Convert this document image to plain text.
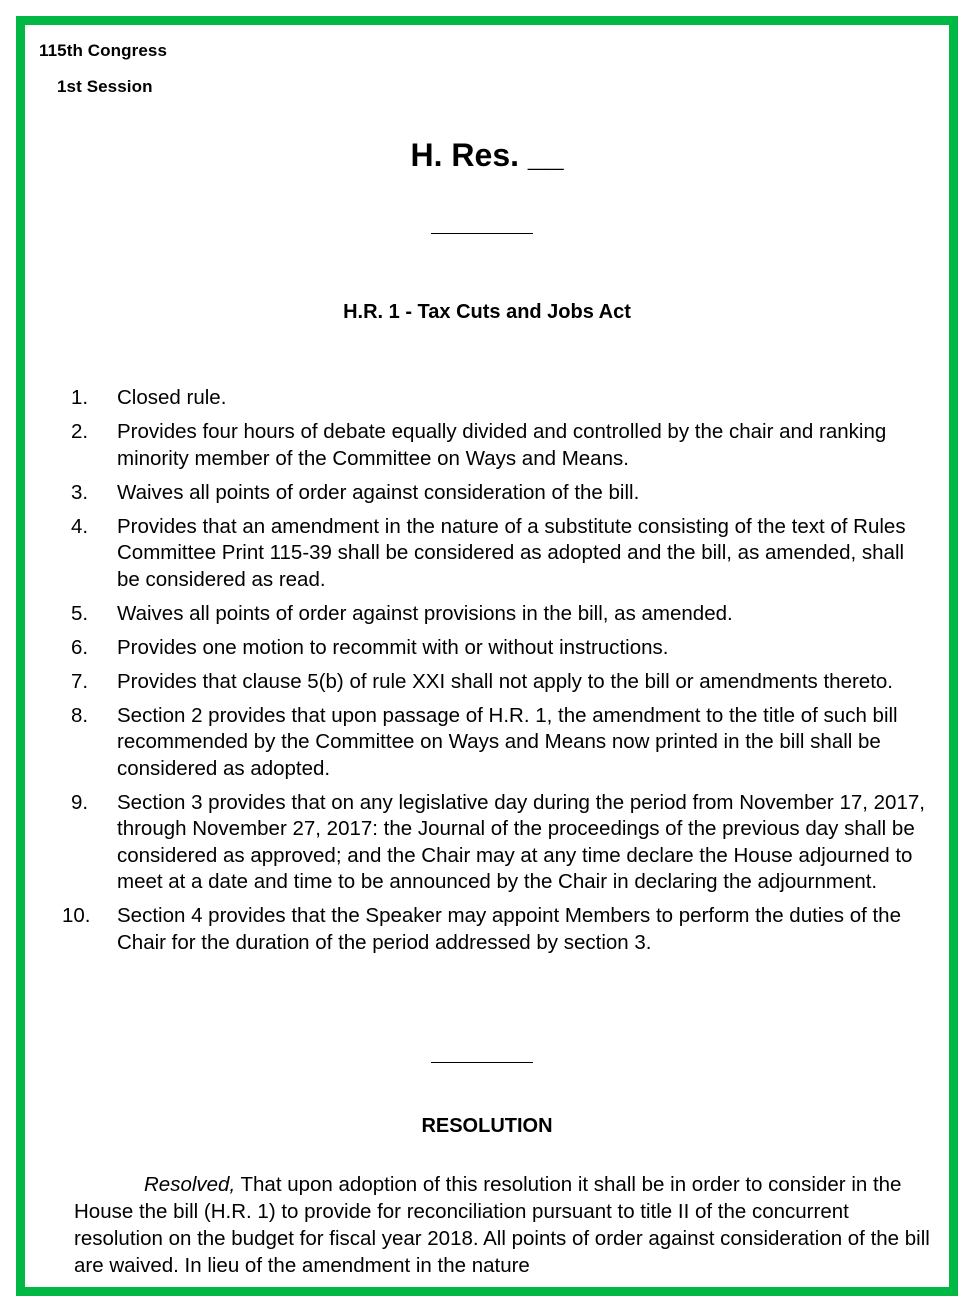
115th Congress
1st Session
H. Res. __
H.R. 1 - Tax Cuts and Jobs Act
1. Closed rule.
2. Provides four hours of debate equally divided and controlled by the chair and ranking minority member of the Committee on Ways and Means.
3. Waives all points of order against consideration of the bill.
4. Provides that an amendment in the nature of a substitute consisting of the text of Rules Committee Print 115-39 shall be considered as adopted and the bill, as amended, shall be considered as read.
5. Waives all points of order against provisions in the bill, as amended.
6. Provides one motion to recommit with or without instructions.
7. Provides that clause 5(b) of rule XXI shall not apply to the bill or amendments thereto.
8. Section 2 provides that upon passage of H.R. 1, the amendment to the title of such bill recommended by the Committee on Ways and Means now printed in the bill shall be considered as adopted.
9. Section 3 provides that on any legislative day during the period from November 17, 2017, through November 27, 2017: the Journal of the proceedings of the previous day shall be considered as approved; and the Chair may at any time declare the House adjourned to meet at a date and time to be announced by the Chair in declaring the adjournment.
10. Section 4 provides that the Speaker may appoint Members to perform the duties of the Chair for the duration of the period addressed by section 3.
RESOLUTION
Resolved, That upon adoption of this resolution it shall be in order to consider in the House the bill (H.R. 1) to provide for reconciliation pursuant to title II of the concurrent resolution on the budget for fiscal year 2018. All points of order against consideration of the bill are waived. In lieu of the amendment in the nature
